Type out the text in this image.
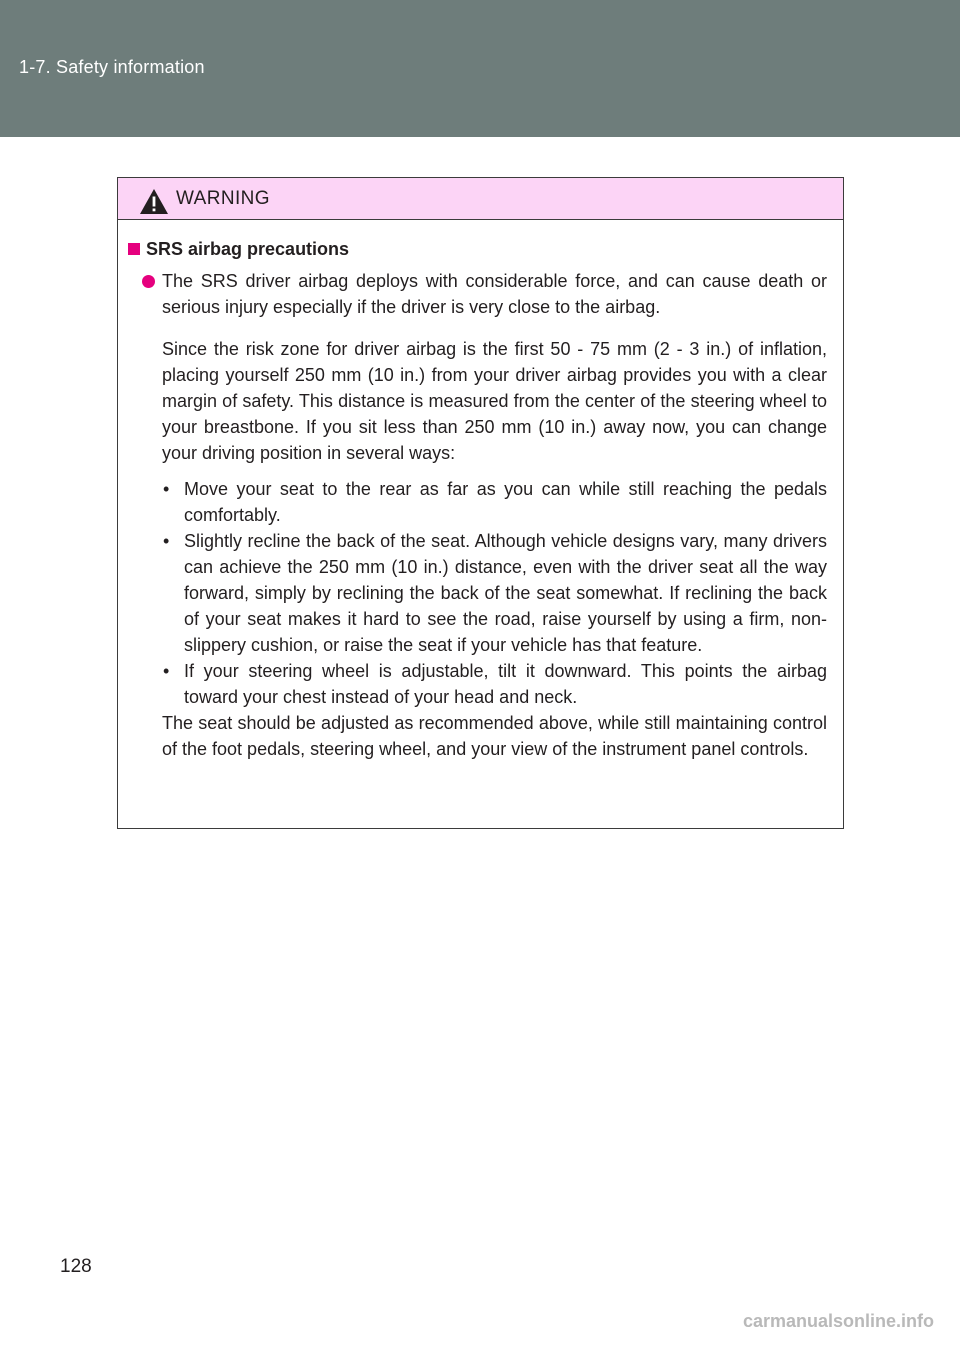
1-7. Safety information
WARNING
SRS airbag precautions

The SRS driver airbag deploys with considerable force, and can cause death or serious injury especially if the driver is very close to the airbag.

Since the risk zone for driver airbag is the first 50 - 75 mm (2 - 3 in.) of inflation, placing yourself 250 mm (10 in.) from your driver airbag provides you with a clear margin of safety. This distance is measured from the center of the steering wheel to your breastbone. If you sit less than 250 mm (10 in.) away now, you can change your driving position in several ways:

• Move your seat to the rear as far as you can while still reaching the pedals comfortably.
• Slightly recline the back of the seat. Although vehicle designs vary, many drivers can achieve the 250 mm (10 in.) distance, even with the driver seat all the way forward, simply by reclining the back of the seat somewhat. If reclining the back of your seat makes it hard to see the road, raise yourself by using a firm, non-slippery cushion, or raise the seat if your vehicle has that feature.
• If your steering wheel is adjustable, tilt it downward. This points the airbag toward your chest instead of your head and neck.

The seat should be adjusted as recommended above, while still maintaining control of the foot pedals, steering wheel, and your view of the instrument panel controls.

128
carmanualsonline.info
